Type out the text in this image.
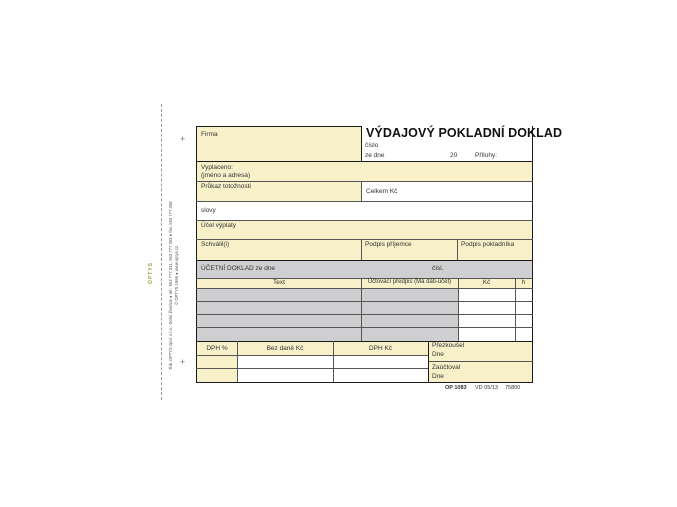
+
+
OPTYS	Tisk OPTYS spol. s r.o., Dolní Životice ● tel.: 553 777 341, 553 777 363 ● fax: 553 777 358 © OPTYS 1996 ● www.optys.cz
VÝDAJOVÝ POKLADNÍ DOKLAD
číslo
ze dne	20	Přílohy:
Firma
Vyplaceno:
(jméno a adresa)
Průkaz totožnosti
Celkem Kč
slovy
Účel výplaty
Schválil(i)	Podpis příjemce	Podpis pokladníka
ÚČETNÍ DOKLAD ze dne	čísl.
Text	Účtovací předpis (Má dáti-účet)	Kč	h
DPH %	Bez daně Kč	DPH Kč	Přezkoušel
Dne
Zaúčtoval
Dne
OP 1083 VD 05/13 75800
